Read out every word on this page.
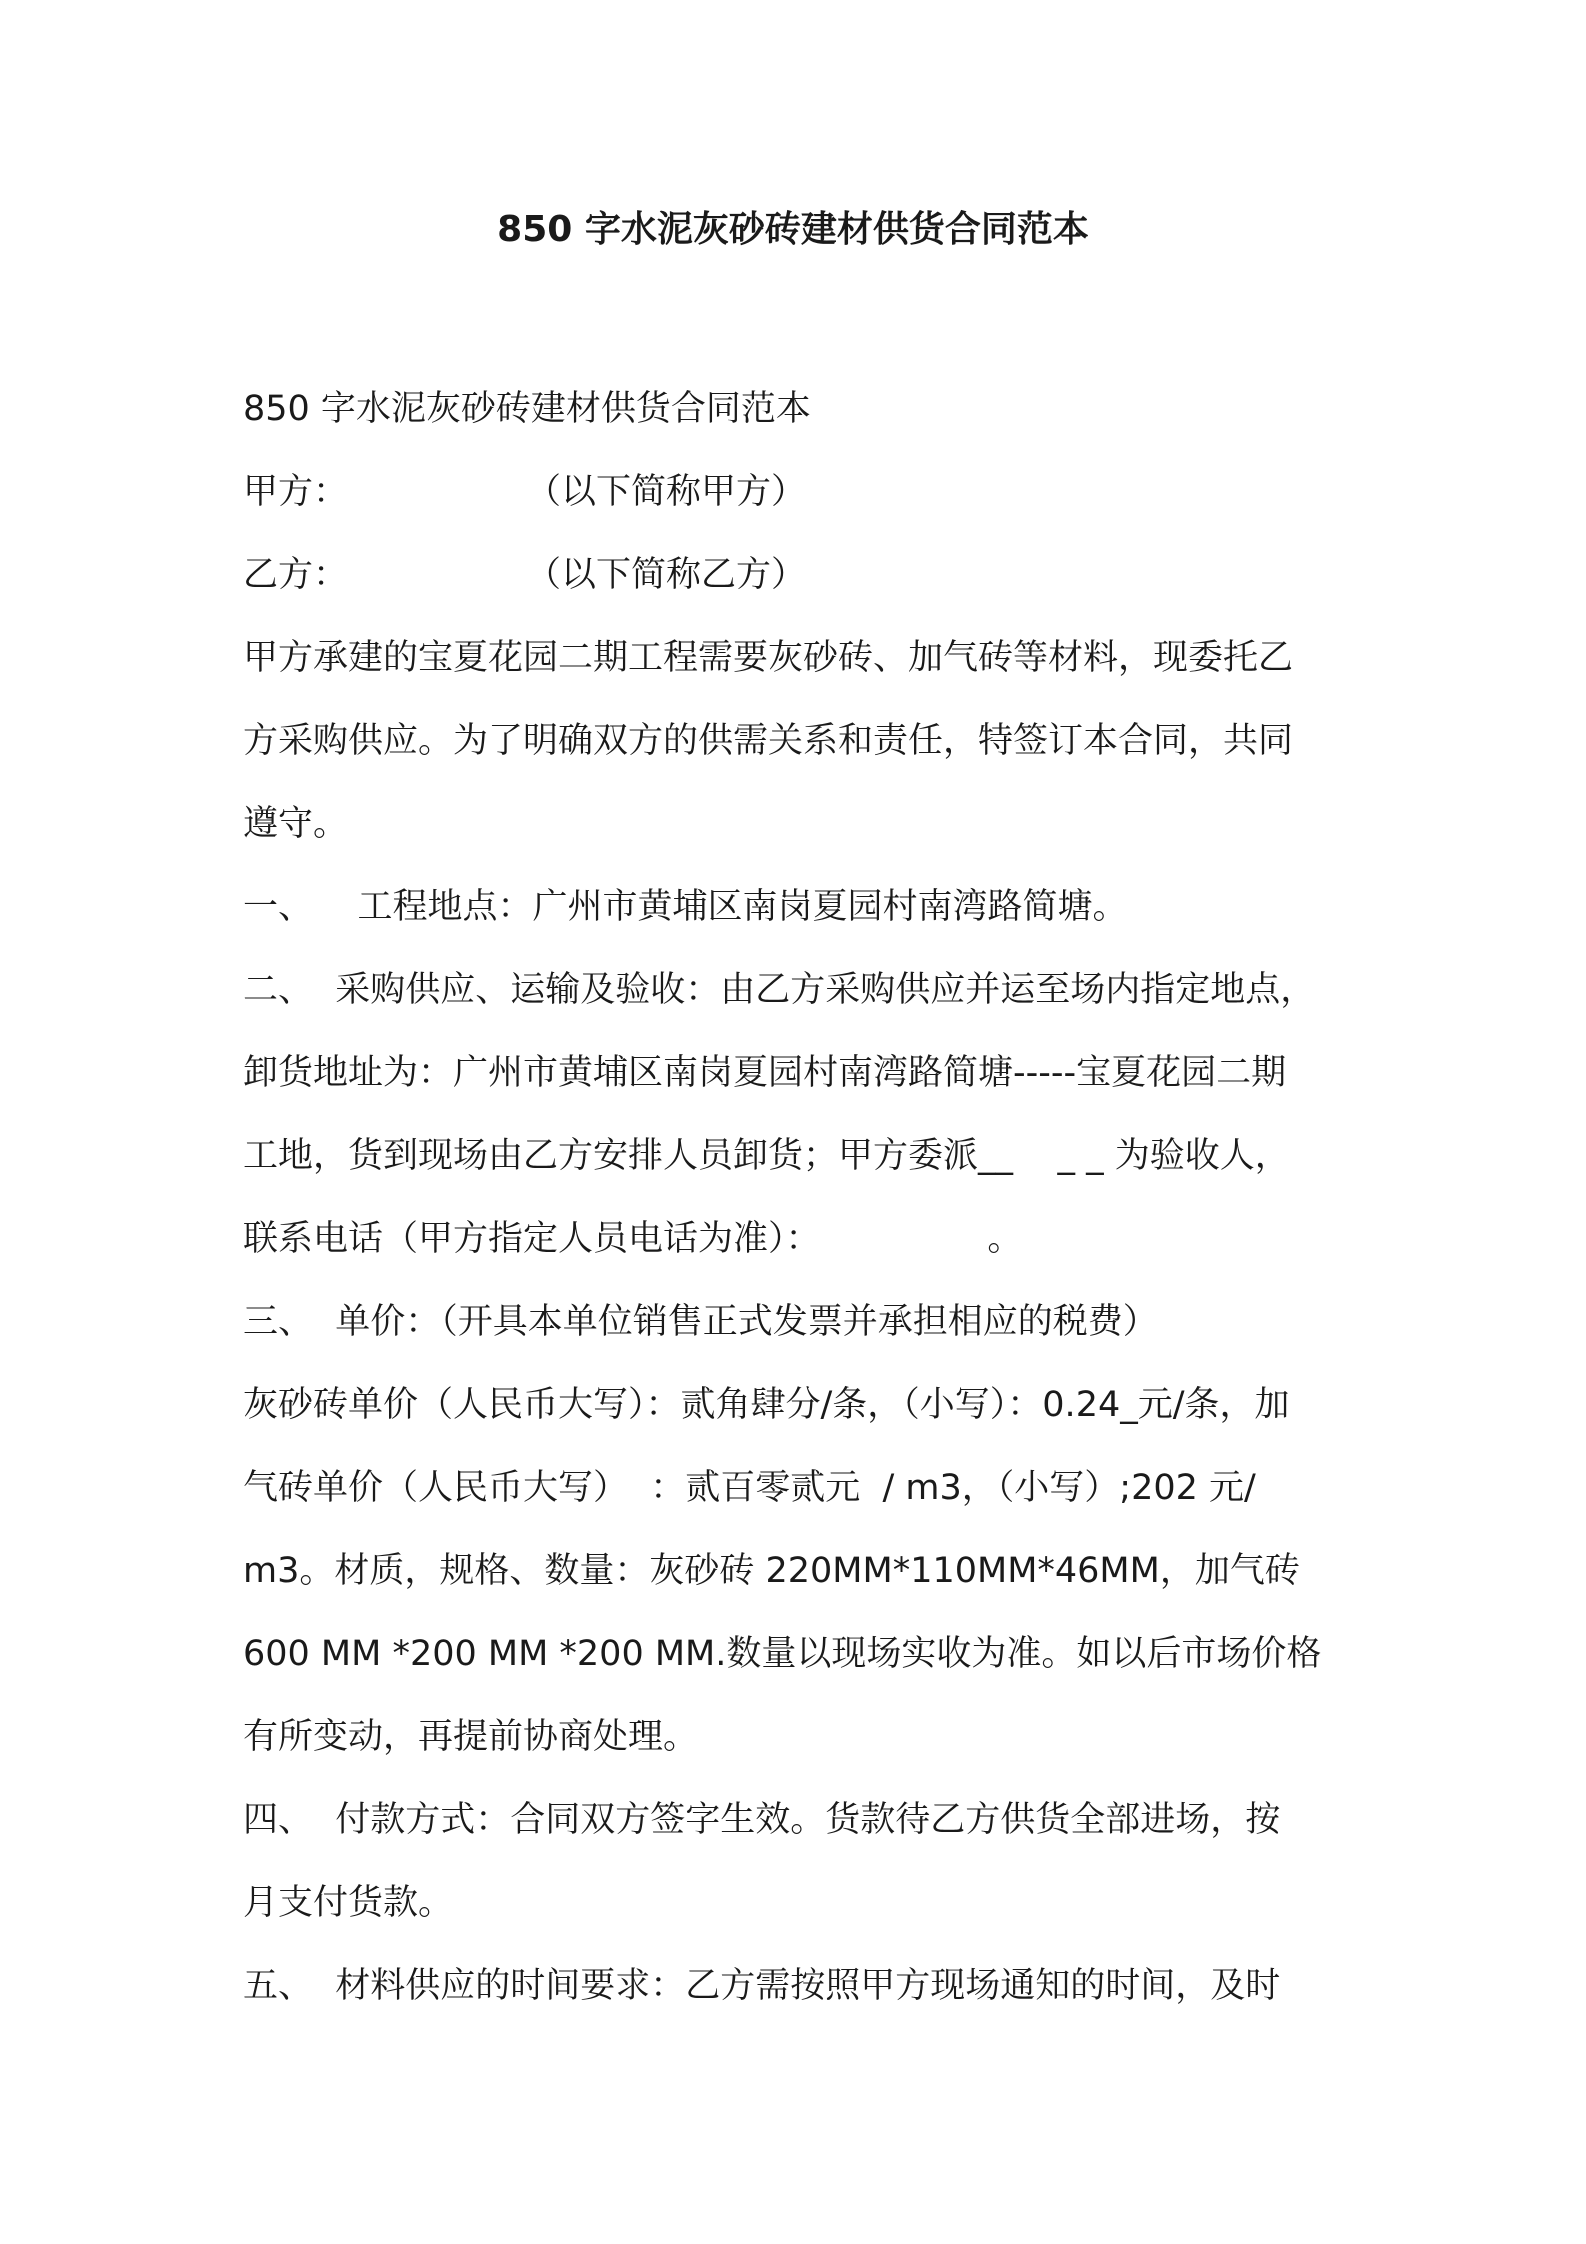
850 字水泥灰砂砖建材供货合同范本
850 字水泥灰砂砖建材供货合同范本
甲方：                （以下简称甲方）
乙方：                （以下简称乙方）
甲方承建的宝夏花园二期工程需要灰砂砖、加气砖等材料，现委托乙
方采购供应。为了明确双方的供需关系和责任，特签订本合同，共同
遵守。
一、    工程地点：广州市黄埔区南岗夏园村南湾路简塘。
二、  采购供应、运输及验收：由乙方采购供应并运至场内指定地点，
卸货地址为：广州市黄埔区南岗夏园村南湾路简塘-----宝夏花园二期
工地，货到现场由乙方安排人员卸货；甲方委派__    _ _ 为验收人，
联系电话（甲方指定人员电话为准）：               。
三、  单价：（开具本单位销售正式发票并承担相应的税费）
灰砂砖单价（人民币大写）：贰角肆分/条，（小写）：0.24_元/条，加
气砖单价（人民币大写）  ：贰百零贰元  / m3，（小写）;202 元/
m3。材质，规格、数量：灰砂砖 220MM*110MM*46MM，加气砖
600 MM *200 MM *200 MM.数量以现场实收为准。如以后市场价格
有所变动，再提前协商处理。
四、  付款方式：合同双方签字生效。货款待乙方供货全部进场，按
月支付货款。
五、  材料供应的时间要求：乙方需按照甲方现场通知的时间，及时
